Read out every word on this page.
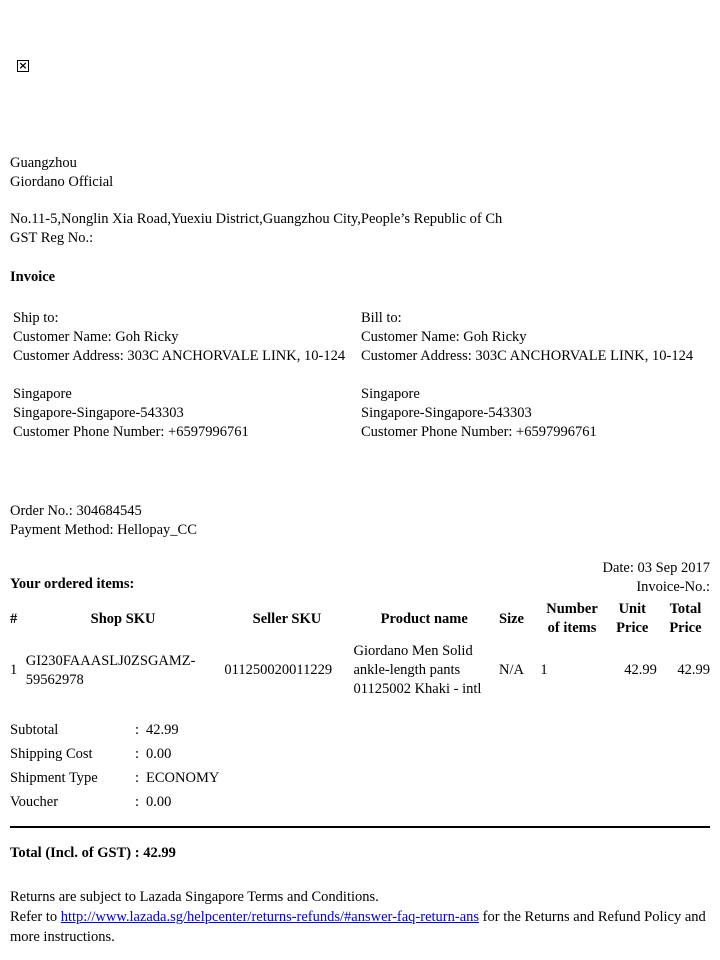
×
Guangzhou
Giordano Official
No.11-5,Nonglin Xia Road,Yuexiu District,Guangzhou City,People’s Republic of Ch
GST Reg No.:
Invoice
Ship to:
Customer Name: Goh Ricky
Customer Address: 303C ANCHORVALE LINK, 10-124
Singapore
Singapore-Singapore-543303
Customer Phone Number: +6597996761
Bill to:
Customer Name: Goh Ricky
Customer Address: 303C ANCHORVALE LINK, 10-124
Singapore
Singapore-Singapore-543303
Customer Phone Number: +6597996761
Order No.: 304684545
Payment Method: Hellopay_CC
Date: 03 Sep 2017
Invoice-No.:
Your ordered items:
#	Shop SKU	Seller SKU	Product name	Size	Number of items	Unit Price	Total Price
1	GI230FAAASLJ0ZSGAMZ-59562978	011250020011229	Giordano Men Solid ankle-length pants 01125002 Khaki - intl	N/A	1	42.99	42.99
Subtotal	:	42.99
Shipping Cost	:	0.00
Shipment Type	:	ECONOMY
Voucher	:	0.00
Total (Incl. of GST) : 42.99
Returns are subject to Lazada Singapore Terms and Conditions.
Refer to http://www.lazada.sg/helpcenter/returns-refunds/#answer-faq-return-ans for the Returns and Refund Policy and more instructions.
